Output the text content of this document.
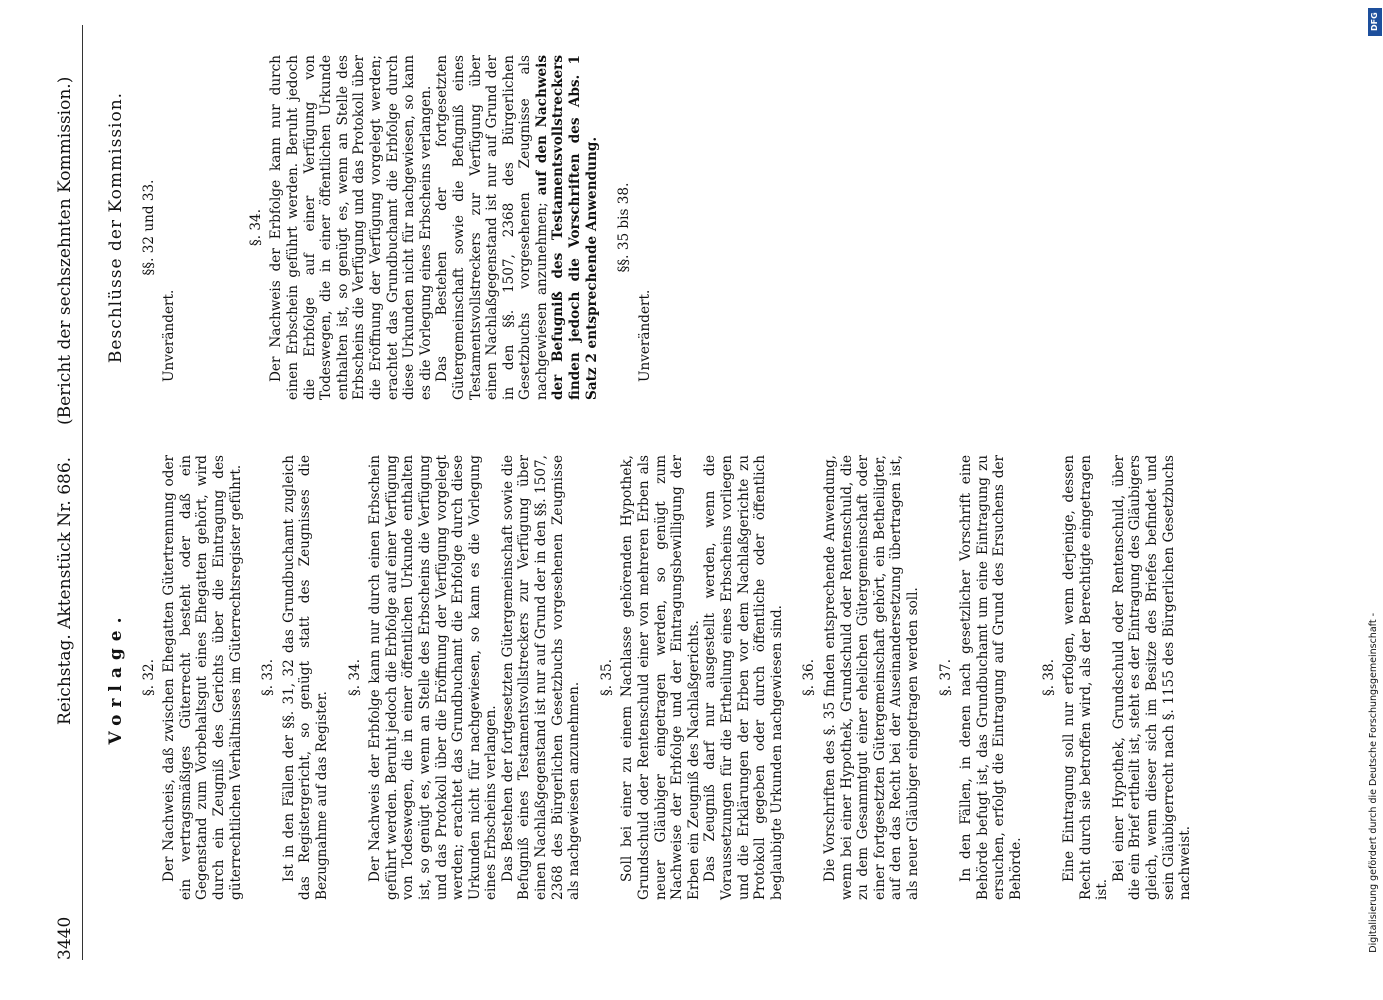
3440
Reichstag. Aktenstück Nr. 686.
(Bericht der sechszehnten Kommission.)
Vorlage. §. 32. Der Nachweis, daß zwischen Ehegatten Gütertrennung oder ein vertragsmäßiges Güterrecht besteht oder daß ein Gegenstand zum Vorbehaltsgut eines Ehegatten gehört, wird durch ein Zeugniß des Gerichts über die Eintragung des güterrechtlichen Verhältnisses im Güterrechtsregister geführt. §. 33. Ist in den Fällen der §§. 31, 32 das Grundbuchamt zugleich das Registergericht, so genügt statt des Zeugnisses die Bezugnahme auf das Register.

§. 34. Der Nachweis der Erbfolge kann nur durch einen Erbschein geführt werden. Beruht jedoch die Erbfolge auf einer Verfügung von Todeswegen, die in einer öffentlichen Urkunde enthalten ist, so genügt es, wenn an Stelle des Erbscheins die Verfügung und das Protokoll über die Eröffnung der Verfügung vorgelegt werden; erachtet das Grundbuchamt die Erbfolge durch diese Urkunden nicht für nachgewiesen, so kann es die Vorlegung eines Erbscheins verlangen. Das Bestehen der fortgesetzten Gütergemeinschaft sowie die Befugniß eines Testamentsvollstreckers zur Verfügung über einen Nachlaßgegenstand ist nur auf Grund der in den §§. 1507, 2368 des Bürgerlichen Gesetzbuchs vorgesehenen Zeugnisse als nachgewiesen anzunehmen.

§. 35. Soll bei einer zu einem Nachlasse gehörenden Hypothek, Grundschuld oder Rentenschuld einer von mehreren Erben als neuer Gläubiger eingetragen werden, so genügt zum Nachweise der Erbfolge und der Eintragungsbewilligung der Erben ein Zeugniß des Nachlaßgerichts. Das Zeugniß darf nur ausgestellt werden, wenn die Voraussetzungen für die Ertheilung eines Erbscheins vorliegen und die Erklärungen der Erben vor dem Nachlaßgerichte zu Protokoll gegeben oder durch öffentliche oder öffentlich beglaubigte Urkunden nachgewiesen sind. §. 36. Die Vorschriften des §. 35 finden entsprechende Anwendung, wenn bei einer Hypothek, Grundschuld oder Rentenschuld, die zu dem Gesammtgut einer ehelichen Gütergemeinschaft oder einer fortgesetzten Gütergemeinschaft gehört, ein Betheiligter, auf den das Recht bei der Auseinandersetzung übertragen ist, als neuer Gläubiger eingetragen werden soll. §. 37. In den Fällen, in denen nach gesetzlicher Vorschrift eine Behörde befugt ist, das Grundbuchamt um eine Eintragung zu ersuchen, erfolgt die Eintragung auf Grund des Ersuchens der Behörde.

§. 38. Eine Eintragung soll nur erfolgen, wenn derjenige, dessen Recht durch sie betroffen wird, als der Berechtigte eingetragen ist.

Bei einer Hypothek, Grundschuld oder Rentenschuld, über die ein Brief ertheilt ist, steht es der Eintragung des Gläubigers gleich, wenn dieser sich im Besitze des Briefes befindet und sein Gläubigerrecht nach §. 1155 des Bürgerlichen Gesetzbuchs nachweist.

Beschlüsse der Kommission. §§. 32 und 33.

Unverändert.

§. 34. Der Nachweis der Erbfolge kann nur durch einen Erbschein geführt werden. Beruht jedoch die Erbfolge auf einer Verfügung von Todeswegen, die in einer öffentlichen Urkunde enthalten ist, so genügt es, wenn an Stelle des Erbscheins die Verfügung und das Protokoll über die Eröffnung der Verfügung vorgelegt werden; erachtet das Grundbuchamt die Erbfolge durch diese Urkunden nicht für nachgewiesen, so kann es die Vorlegung eines Erbscheins verlangen. Das Bestehen der fortgesetzten Gütergemeinschaft sowie die Befugniß eines Testamentsvollstreckers zur Verfügung über einen Nachlaßgegenstand ist nur auf Grund der in den §§. 1507, 2368 des Bürgerlichen Gesetzbuchs vorgesehenen Zeugnisse als nachgewiesen anzunehmen; auf den Nachweis der Befugniß des Testamentsvollstreckers finden jedoch die Vorschriften des Abs. 1 Satz 2 entsprechende Anwendung. §§. 35 bis 38.

Unverändert.

DFG
Digitalisierung gefördert durch die Deutsche Forschungsgemeinschaft -
